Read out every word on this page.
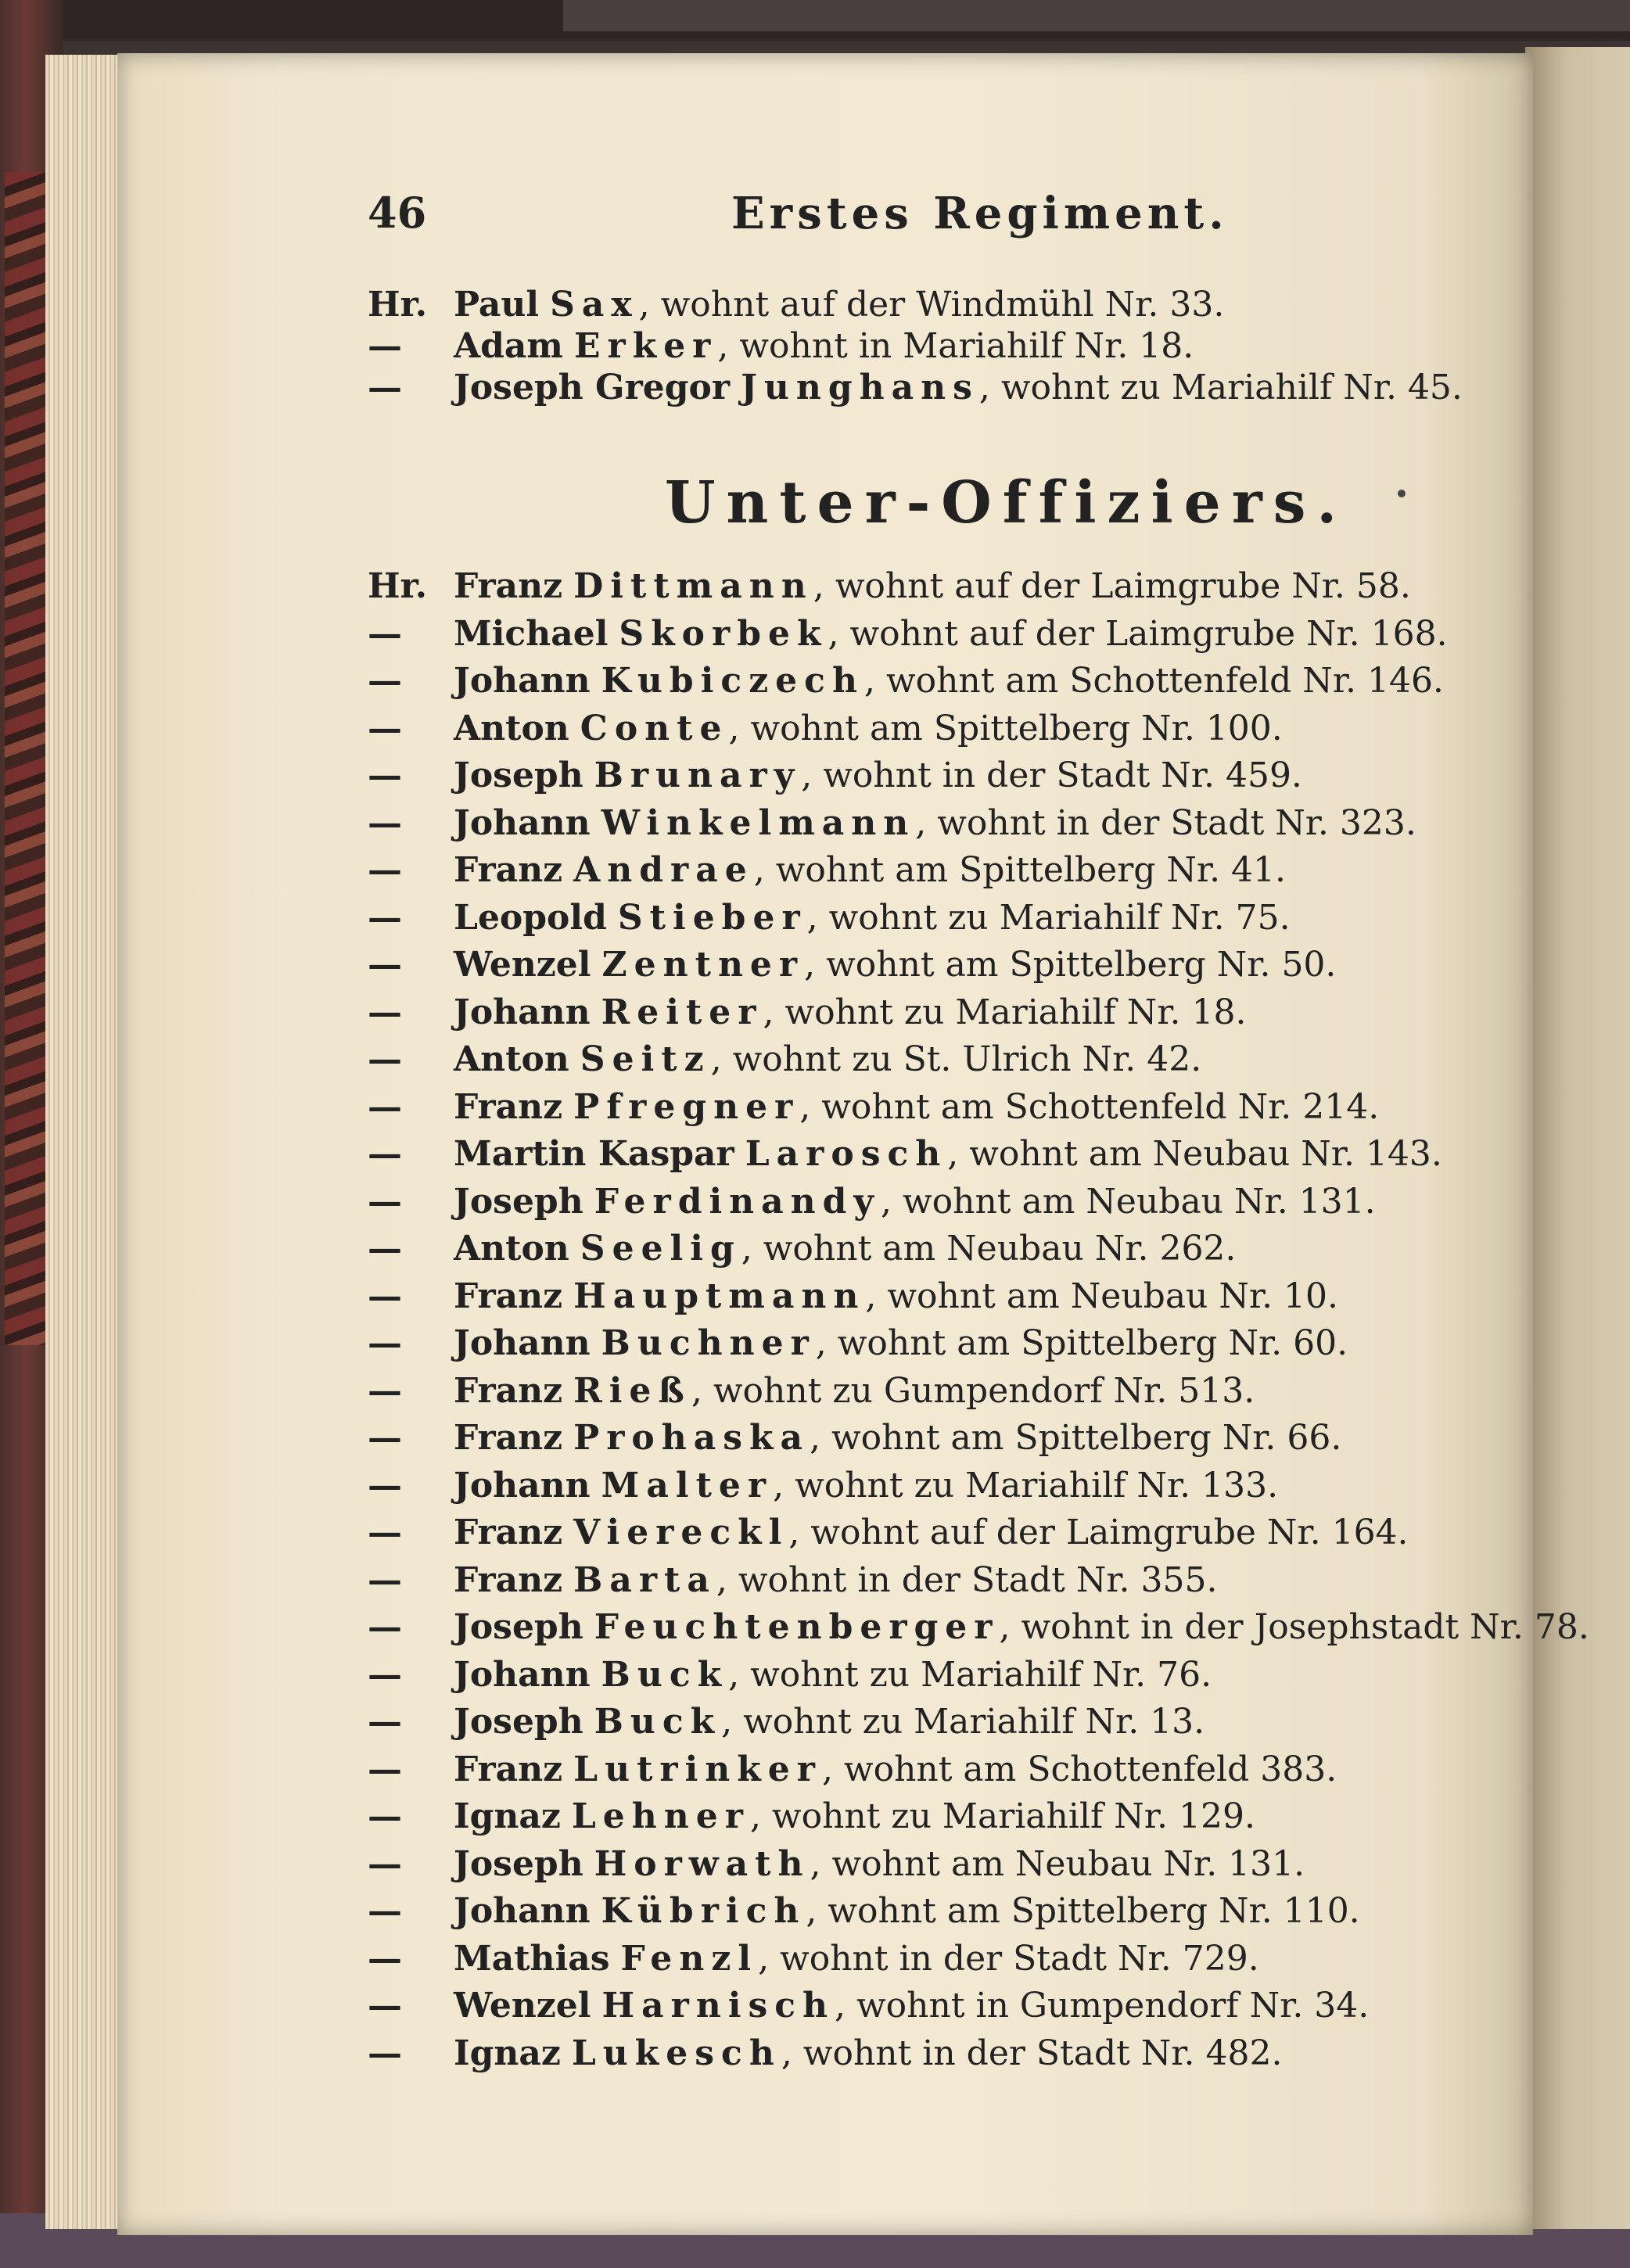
46	Erstes Regiment.
Hr. Paul Sax, wohnt auf der Windmühl Nr. 33.
— Adam Erker, wohnt in Mariahilf Nr. 18.
— Joseph Gregor Junghans, wohnt zu Mariahilf Nr. 45.
Unter-Offiziers.
Hr. Franz Dittmann, wohnt auf der Laimgrube Nr. 58.
— Michael Skorbek, wohnt auf der Laimgrube Nr. 168.
— Johann Kubiczech, wohnt am Schottenfeld Nr. 146.
— Anton Conte, wohnt am Spittelberg Nr. 100.
— Joseph Brunary, wohnt in der Stadt Nr. 459.
— Johann Winkelmann, wohnt in der Stadt Nr. 323.
— Franz Andrae, wohnt am Spittelberg Nr. 41.
— Leopold Stieber, wohnt zu Mariahilf Nr. 75.
— Wenzel Zentner, wohnt am Spittelberg Nr. 50.
— Johann Reiter, wohnt zu Mariahilf Nr. 18.
— Anton Seitz, wohnt zu St. Ulrich Nr. 42.
— Franz Pfregner, wohnt am Schottenfeld Nr. 214.
— Martin Kaspar Larosch, wohnt am Neubau Nr. 143.
— Joseph Ferdinandy, wohnt am Neubau Nr. 131.
— Anton Seelig, wohnt am Neubau Nr. 262.
— Franz Hauptmann, wohnt am Neubau Nr. 10.
— Johann Buchner, wohnt am Spittelberg Nr. 60.
— Franz Rieß, wohnt zu Gumpendorf Nr. 513.
— Franz Prohaska, wohnt am Spittelberg Nr. 66.
— Johann Malter, wohnt zu Mariahilf Nr. 133.
— Franz Viereckl, wohnt auf der Laimgrube Nr. 164.
— Franz Barta, wohnt in der Stadt Nr. 355.
— Joseph Feuchtenberger, wohnt in der Josephstadt Nr. 78.
— Johann Buck, wohnt zu Mariahilf Nr. 76.
— Joseph Buck, wohnt zu Mariahilf Nr. 13.
— Franz Lutrinker, wohnt am Schottenfeld 383.
— Ignaz Lehner, wohnt zu Mariahilf Nr. 129.
— Joseph Horwath, wohnt am Neubau Nr. 131.
— Johann Kübrich, wohnt am Spittelberg Nr. 110.
— Mathias Fenzl, wohnt in der Stadt Nr. 729.
— Wenzel Harnisch, wohnt in Gumpendorf Nr. 34.
— Ignaz Lukesch, wohnt in der Stadt Nr. 482.
